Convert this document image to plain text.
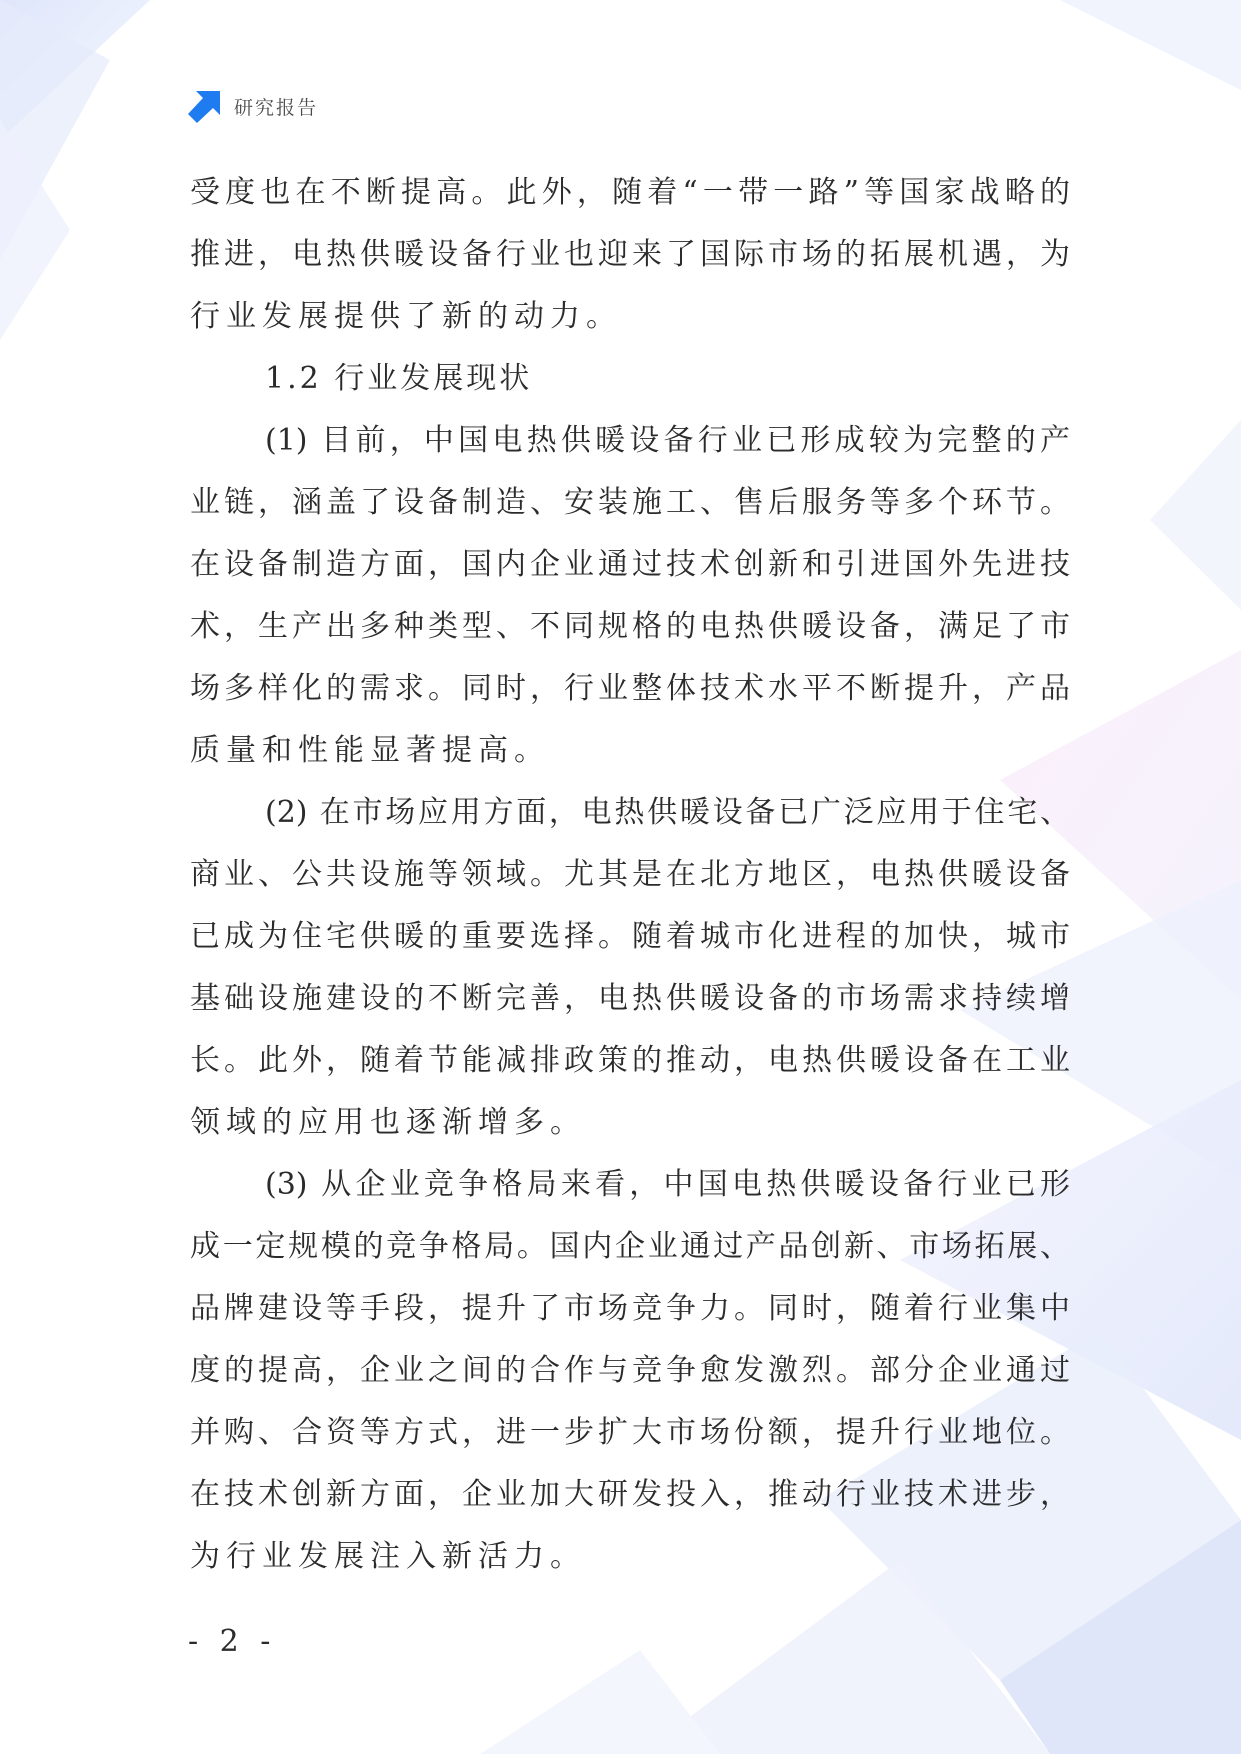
研究报告
受度也在不断提高。此外，随着“一带一路”等国家战略的
推进，电热供暖设备行业也迎来了国际市场的拓展机遇，为
行业发展提供了新的动力。
1.2 行业发展现状
(1) 目前，中国电热供暖设备行业已形成较为完整的产
业链，涵盖了设备制造、安装施工、售后服务等多个环节。
在设备制造方面，国内企业通过技术创新和引进国外先进技
术，生产出多种类型、不同规格的电热供暖设备，满足了市
场多样化的需求。同时，行业整体技术水平不断提升，产品
质量和性能显著提高。
(2) 在市场应用方面，电热供暖设备已广泛应用于住宅、
商业、公共设施等领域。尤其是在北方地区，电热供暖设备
已成为住宅供暖的重要选择。随着城市化进程的加快，城市
基础设施建设的不断完善，电热供暖设备的市场需求持续增
长。此外，随着节能减排政策的推动，电热供暖设备在工业
领域的应用也逐渐增多。
(3) 从企业竞争格局来看，中国电热供暖设备行业已形
成一定规模的竞争格局。国内企业通过产品创新、市场拓展、
品牌建设等手段，提升了市场竞争力。同时，随着行业集中
度的提高，企业之间的合作与竞争愈发激烈。部分企业通过
并购、合资等方式，进一步扩大市场份额，提升行业地位。
在技术创新方面，企业加大研发投入，推动行业技术进步，
为行业发展注入新活力。
- 2 -
